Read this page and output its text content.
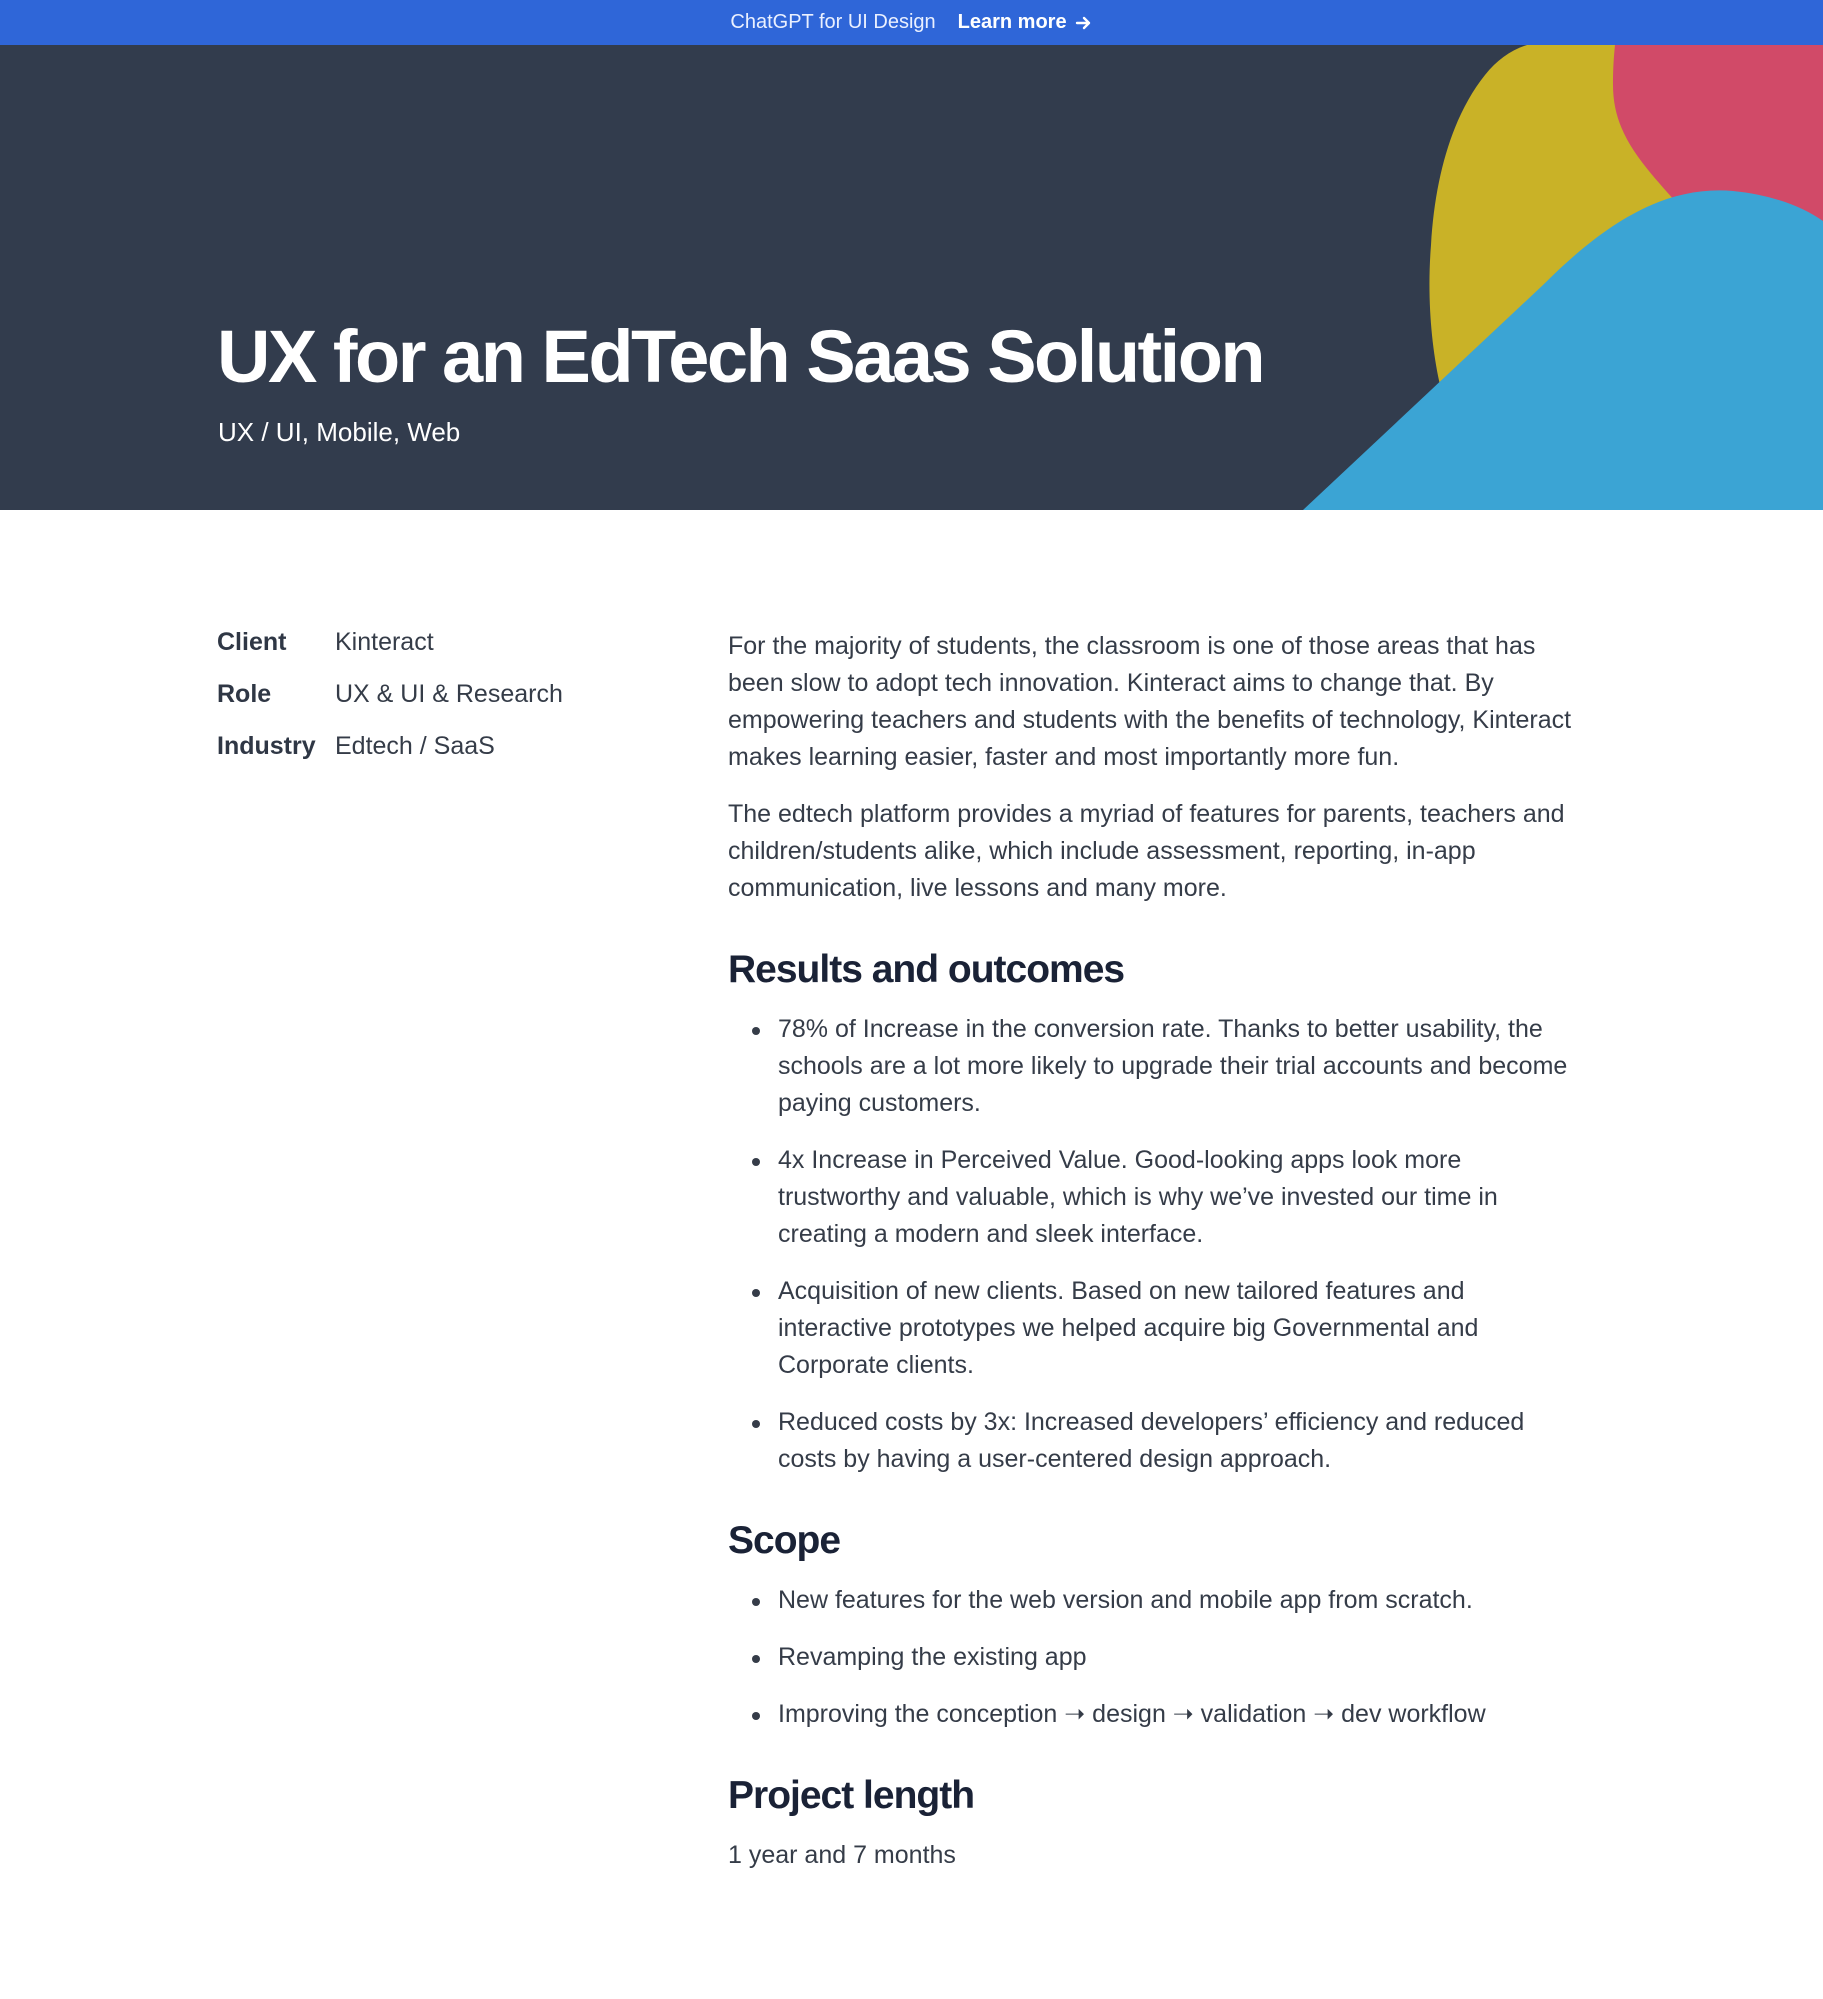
ChatGPT for UI Design Learn more
UX for an EdTech Saas Solution

UX / UI, Mobile, Web

Client	Kinteract
Role	UX & UI & Research
Industry Edtech / SaaS

For the majority of students, the classroom is one of those areas that has been slow to adopt tech innovation. Kinteract aims to change that. By empowering teachers and students with the benefits of technology, Kinteract makes learning easier, faster and most importantly more fun.

The edtech platform provides a myriad of features for parents, teachers and children/students alike, which include assessment, reporting, in-app communication, live lessons and many more.

Results and outcomes
78% of Increase in the conversion rate. Thanks to better usability, the schools are a lot more likely to upgrade their trial accounts and become paying customers.
4x Increase in Perceived Value. Good-looking apps look more trustworthy and valuable, which is why we’ve invested our time in creating a modern and sleek interface.
Acquisition of new clients. Based on new tailored features and interactive prototypes we helped acquire big Governmental and Corporate clients.
Reduced costs by 3x: Increased developers’ efficiency and reduced costs by having a user-centered design approach.
Scope
New features for the web version and mobile app from scratch.
Revamping the existing app
Improving the conception ➝ design ➝ validation ➝ dev workflow
Project length

1 year and 7 months
